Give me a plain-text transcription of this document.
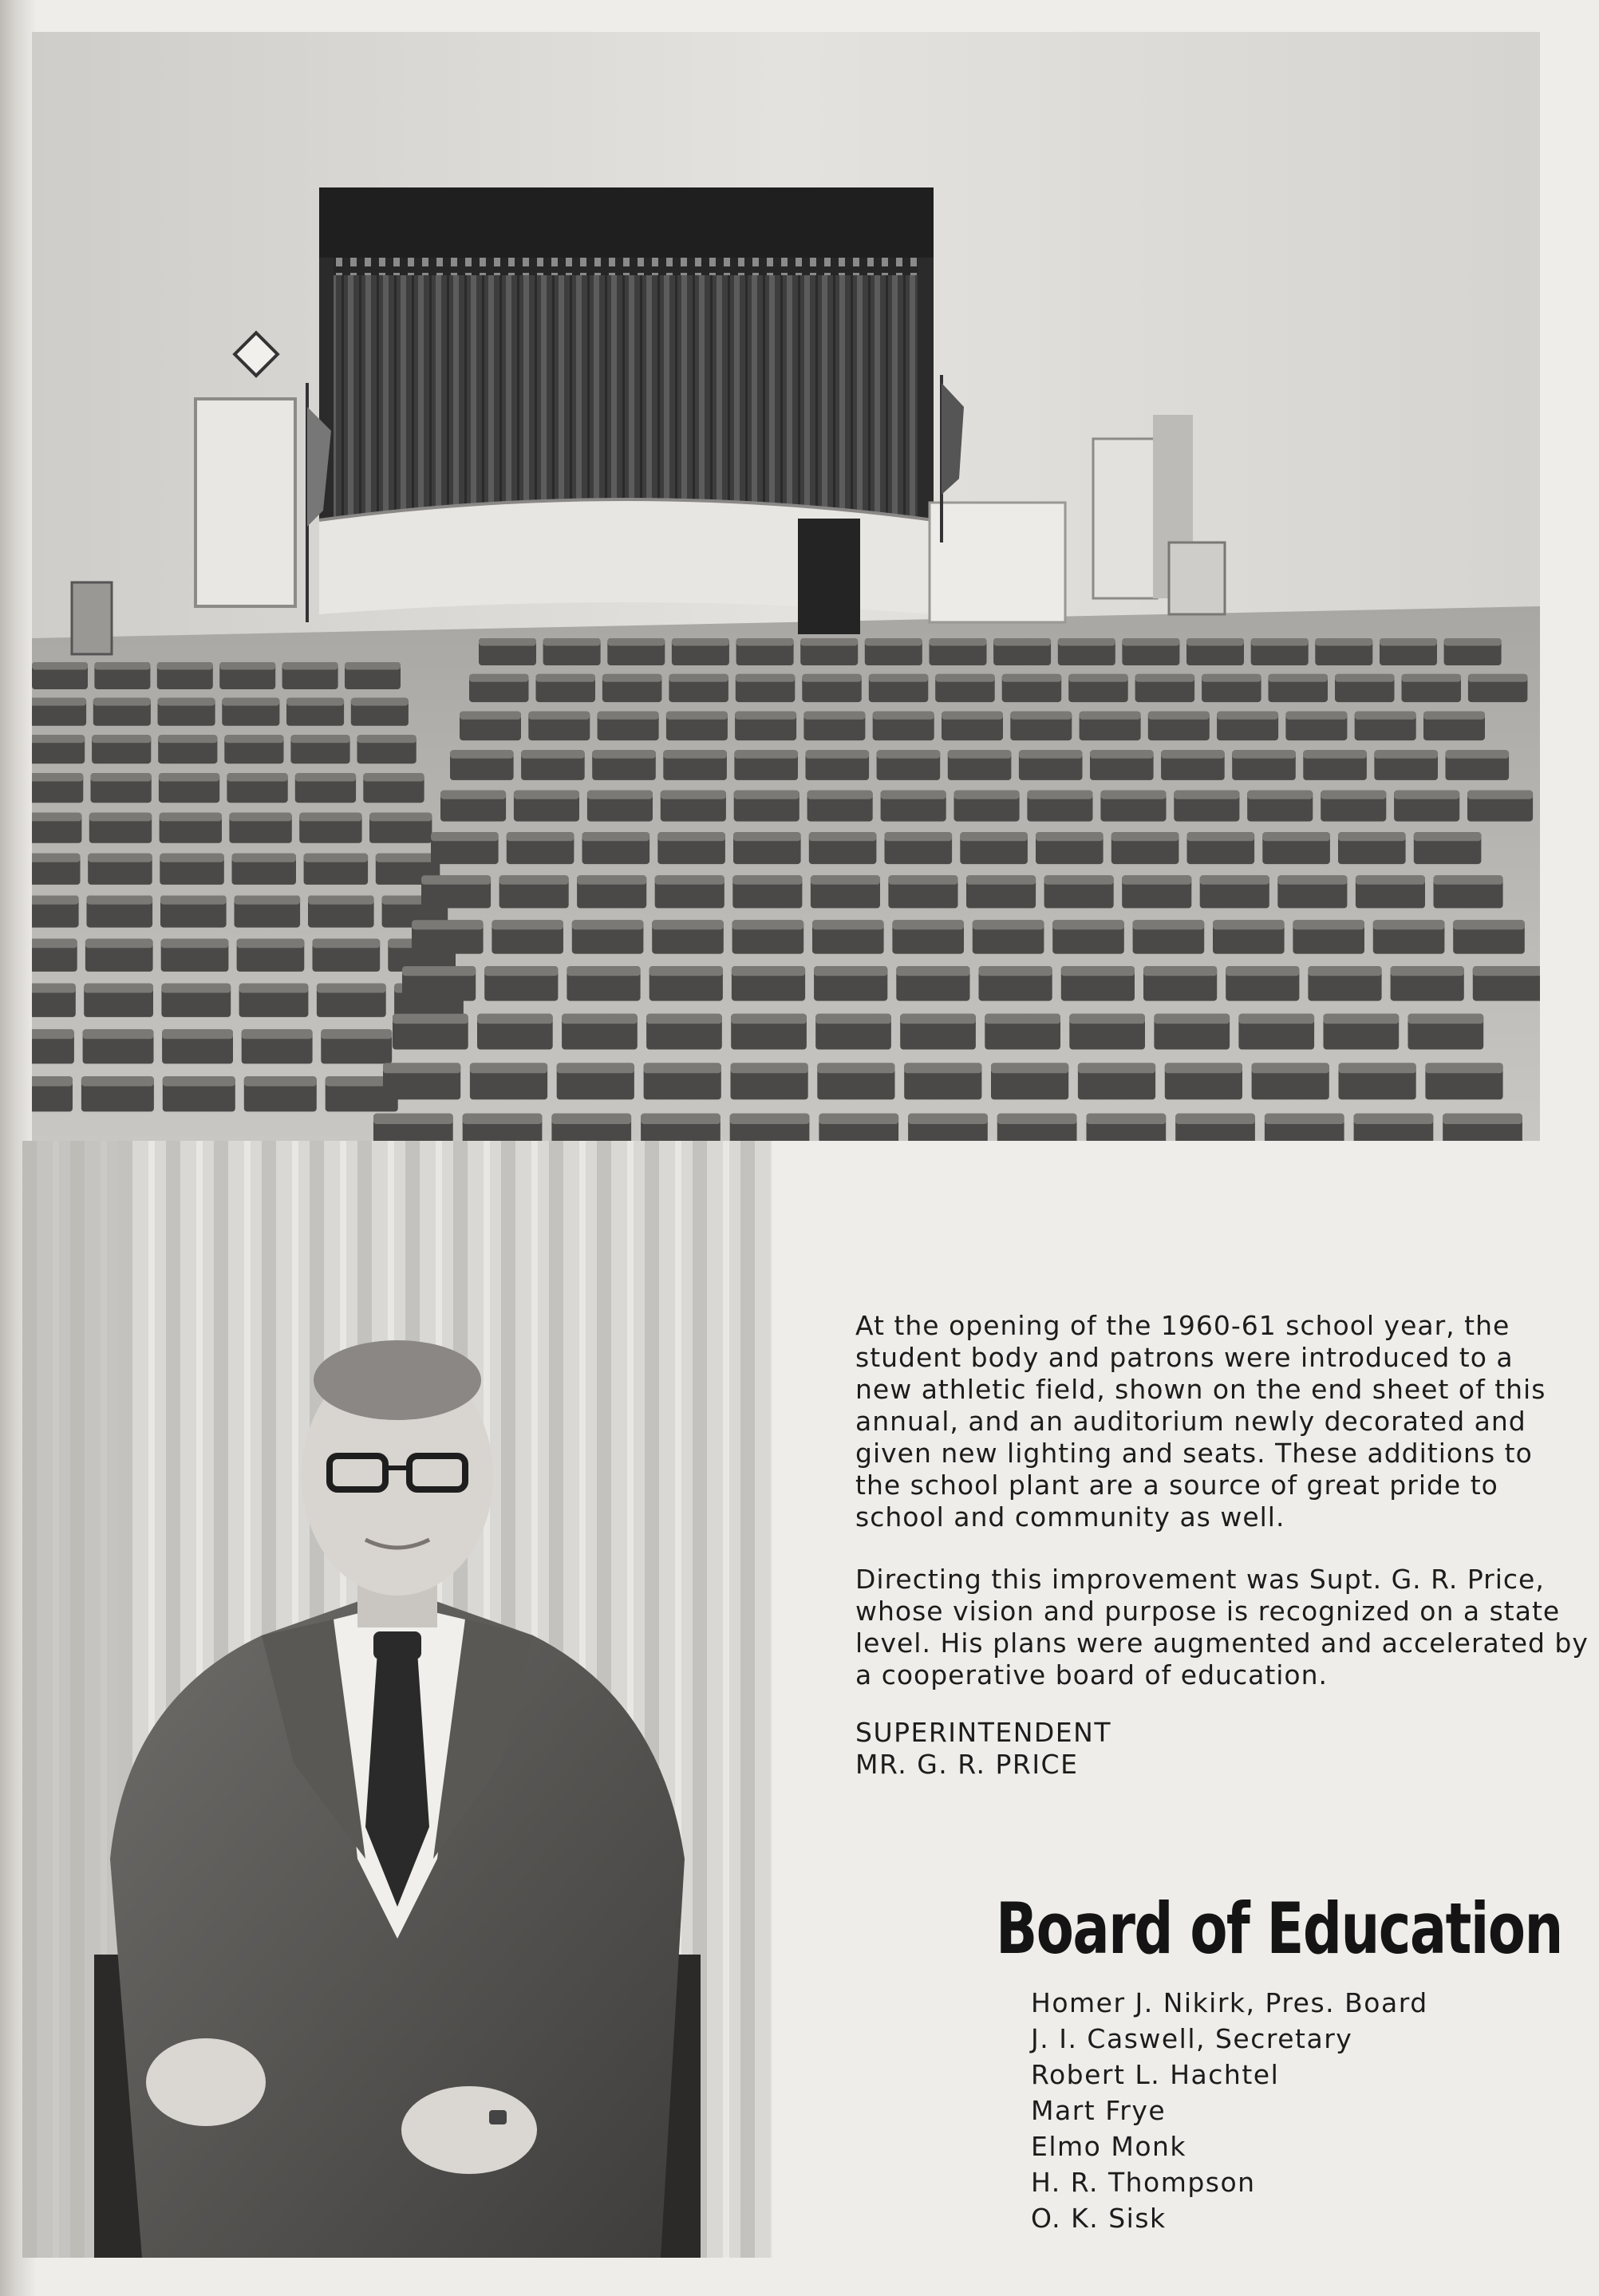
At the opening of the 1960-61 school year, the student body and patrons were introduced to a new athletic field, shown on the end sheet of this annual, and an auditorium newly decorated and given new lighting and seats. These additions to the school plant are a source of great pride to school and community as well.

Directing this improvement was Supt. G. R. Price, whose vision and purpose is recognized on a state level. His plans were augmented and accelerated by a cooperative board of education.

SUPERINTENDENT
MR. G. R. PRICE
Board of Education
Homer J. Nikirk, Pres. Board
J. I. Caswell, Secretary
Robert L. Hachtel
Mart Frye
Elmo Monk
H. R. Thompson
O. K. Sisk
